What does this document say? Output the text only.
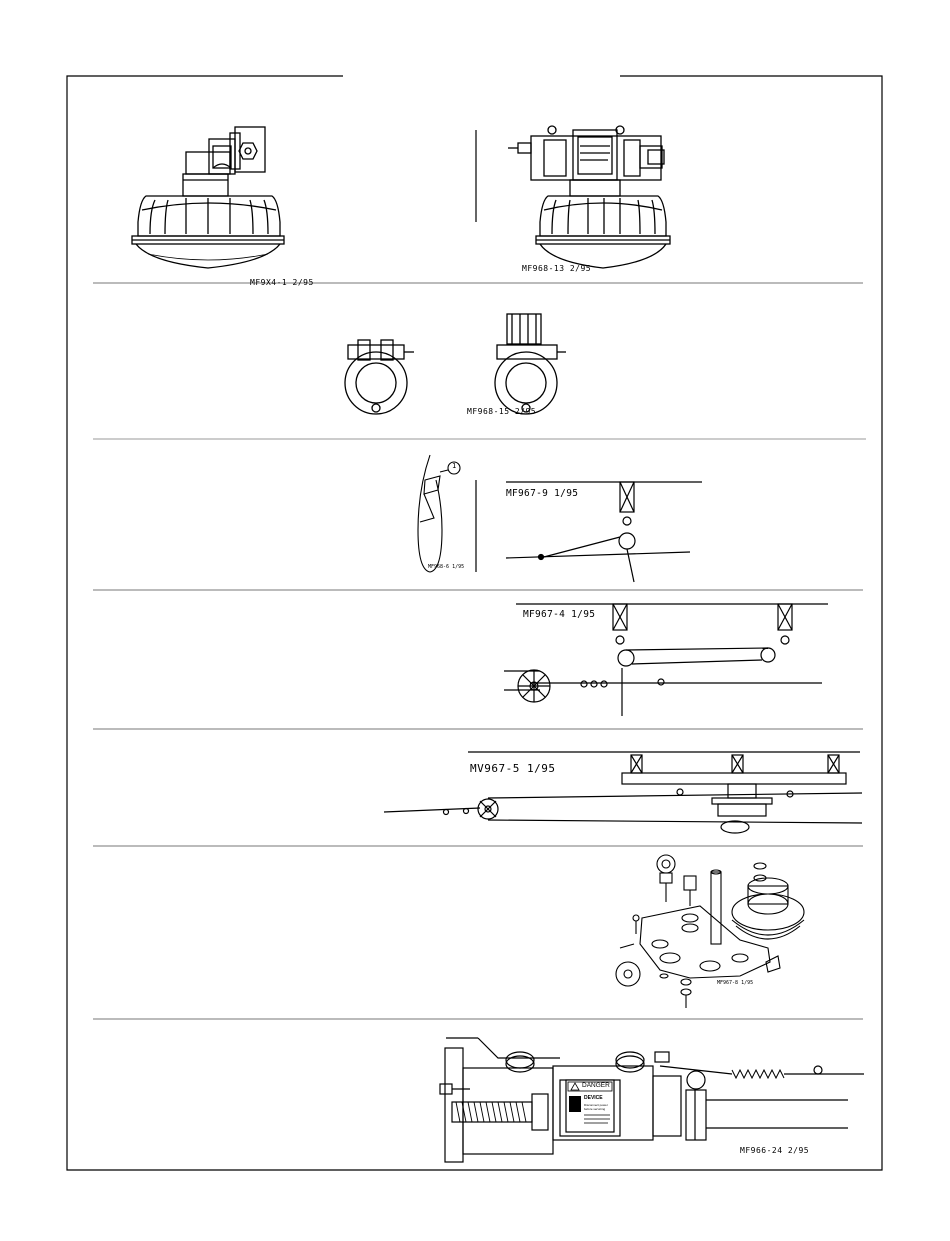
MF9X4-1 2/95
MF968-13 2/95
MF968-15 2/95
MF968-6 1/95
MF967-9 1/95
MF967-4 1/95
MV967-5 1/95
MF967-8 1/95
MF966-24 2/95
1
DANGER
DEVICE
Disconnect power before servicing
